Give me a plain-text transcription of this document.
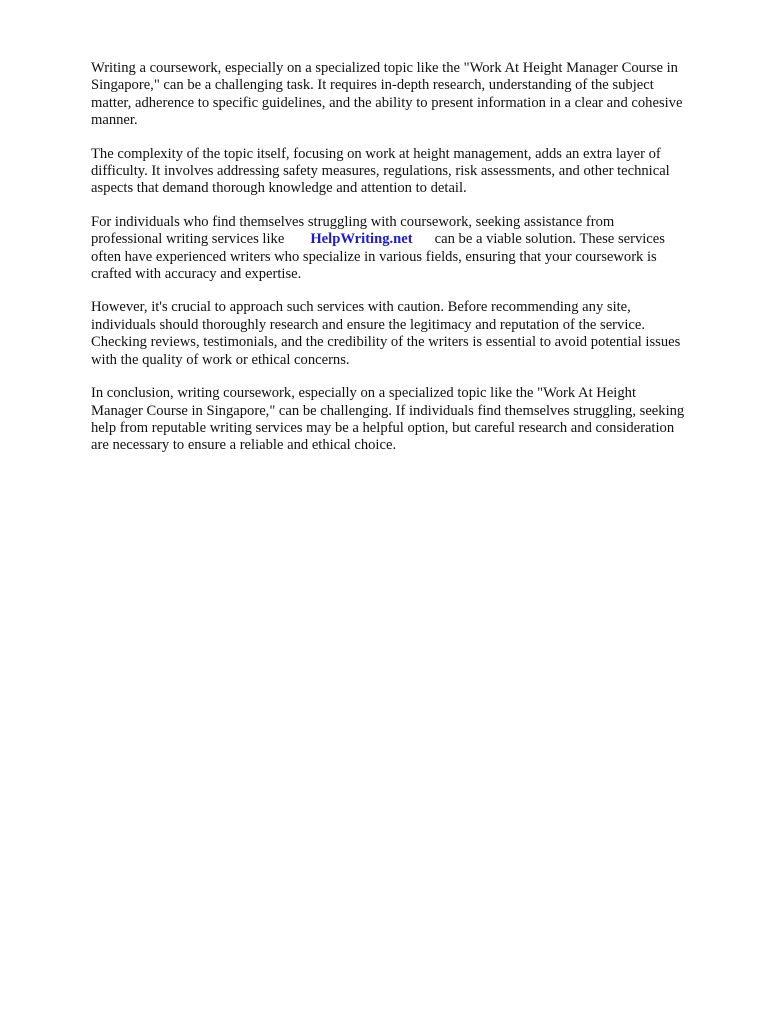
Writing a coursework, especially on a specialized topic like the "Work At Height Manager Course in
Singapore," can be a challenging task. It requires in-depth research, understanding of the subject
matter, adherence to specific guidelines, and the ability to present information in a clear and cohesive
manner.

The complexity of the topic itself, focusing on work at height management, adds an extra layer of
difficulty. It involves addressing safety measures, regulations, risk assessments, and other technical
aspects that demand thorough knowledge and attention to detail.

For individuals who find themselves struggling with coursework, seeking assistance from
professional writing services like HelpWriting.net can be a viable solution. These services
often have experienced writers who specialize in various fields, ensuring that your coursework is
crafted with accuracy and expertise.

However, it's crucial to approach such services with caution. Before recommending any site,
individuals should thoroughly research and ensure the legitimacy and reputation of the service.
Checking reviews, testimonials, and the credibility of the writers is essential to avoid potential issues
with the quality of work or ethical concerns.

In conclusion, writing coursework, especially on a specialized topic like the "Work At Height
Manager Course in Singapore," can be challenging. If individuals find themselves struggling, seeking
help from reputable writing services may be a helpful option, but careful research and consideration
are necessary to ensure a reliable and ethical choice.
